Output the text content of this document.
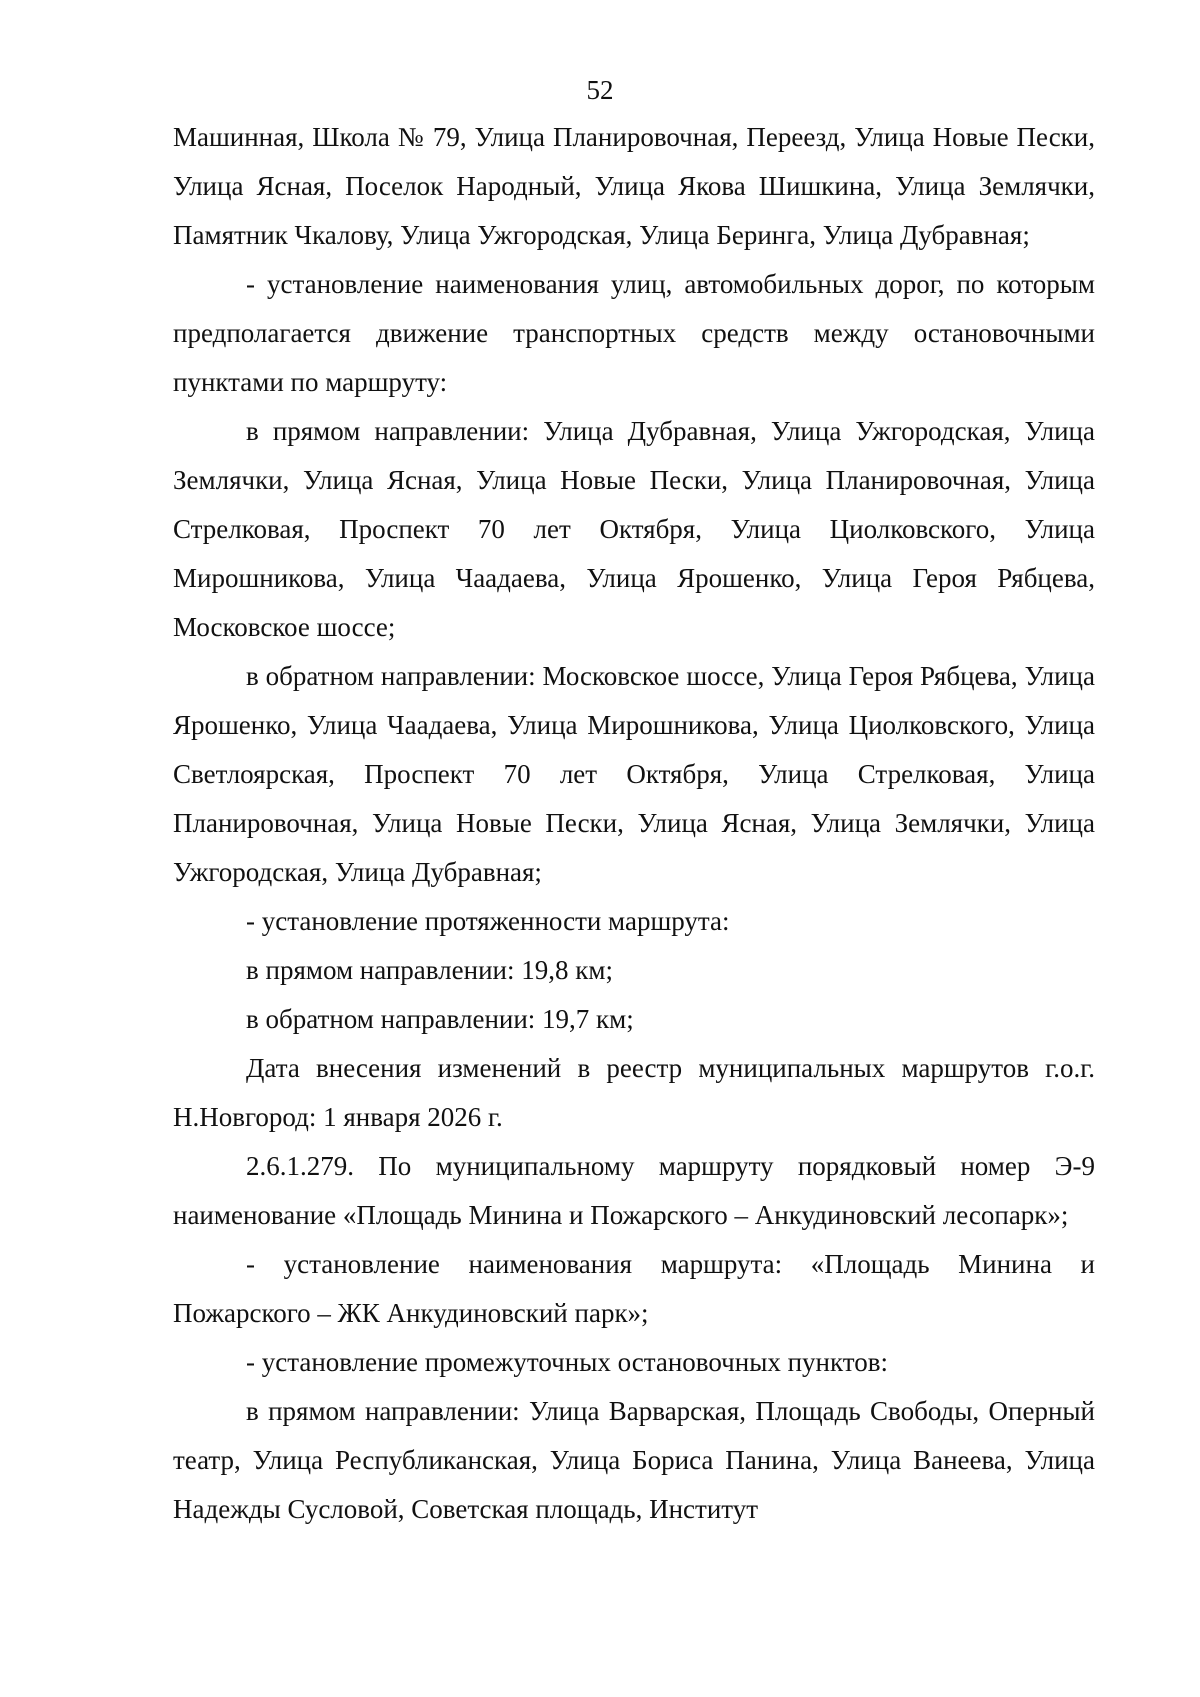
52

Машинная, Школа № 79, Улица Планировочная, Переезд, Улица Новые Пески, Улица Ясная, Поселок Народный, Улица Якова Шишкина, Улица Землячки, Памятник Чкалову, Улица Ужгородская, Улица Беринга, Улица Дубравная;

- установление наименования улиц, автомобильных дорог, по которым предполагается движение транспортных средств между остановочными пунктами по маршруту:

в прямом направлении: Улица Дубравная, Улица Ужгородская, Улица Землячки, Улица Ясная, Улица Новые Пески, Улица Планировочная, Улица Стрелковая, Проспект 70 лет Октября, Улица Циолковского, Улица Мирошникова, Улица Чаадаева, Улица Ярошенко, Улица Героя Рябцева, Московское шоссе;

в обратном направлении: Московское шоссе, Улица Героя Рябцева, Улица Ярошенко, Улица Чаадаева, Улица Мирошникова, Улица Циолковского, Улица Светлоярская, Проспект 70 лет Октября, Улица Стрелковая, Улица Планировочная, Улица Новые Пески, Улица Ясная, Улица Землячки, Улица Ужгородская, Улица Дубравная;

- установление протяженности маршрута:

в прямом направлении: 19,8 км;

в обратном направлении: 19,7 км;

Дата внесения изменений в реестр муниципальных маршрутов г.о.г. Н.Новгород: 1 января 2026 г.

2.6.1.279. По муниципальному маршруту порядковый номер Э-9 наименование «Площадь Минина и Пожарского – Анкудиновский лесопарк»;

- установление наименования маршрута: «Площадь Минина и Пожарского – ЖК Анкудиновский парк»;

- установление промежуточных остановочных пунктов:

в прямом направлении: Улица Варварская, Площадь Свободы, Оперный театр, Улица Республиканская, Улица Бориса Панина, Улица Ванеева, Улица Надежды Сусловой, Советская площадь, Институт
